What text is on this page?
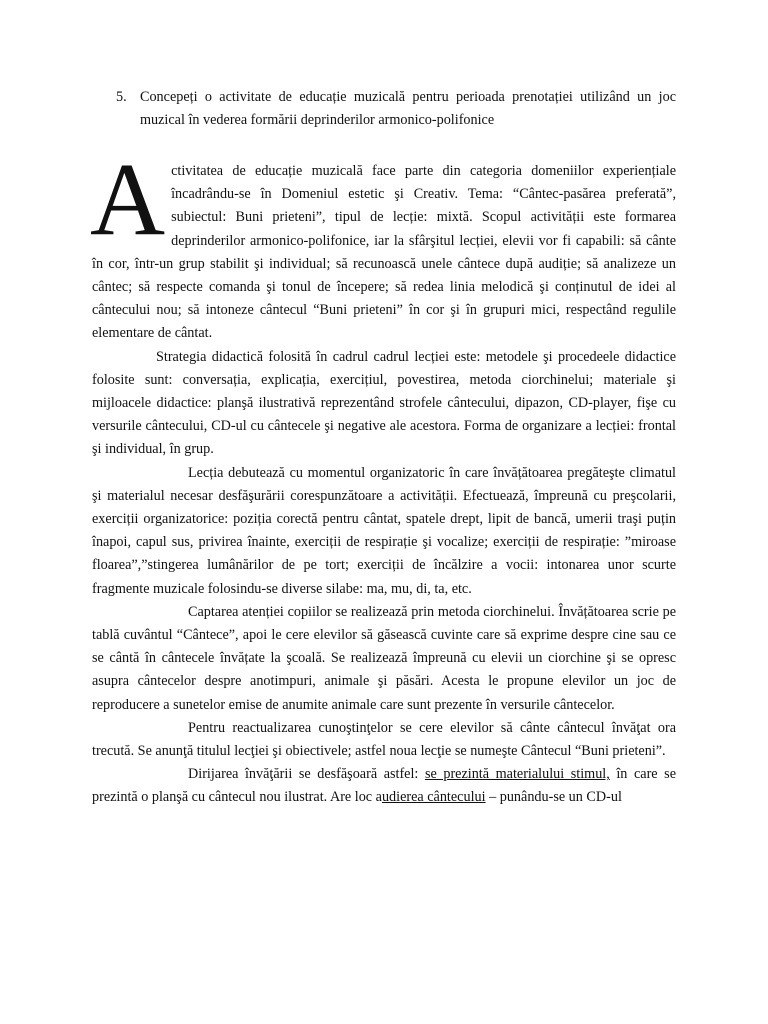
5. Concepeți o activitate de educație muzicală pentru perioada prenotației utilizând un joc muzical în vederea formării deprinderilor armonico-polifonice

Activitatea de educație muzicală face parte din categoria domeniilor experiențiale încadrându-se în Domeniul estetic şi Creativ. Tema: “Cântec-pasărea preferată”, subiectul: Buni prieteni”, tipul de lecție: mixtă. Scopul activității este formarea deprinderilor armonico-polifonice, iar la sfârşitul lecției, elevii vor fi capabili: să cânte în cor, într-un grup stabilit şi individual; să recunoască unele cântece după audiție; să analizeze un cântec; să respecte comanda şi tonul de începere; să redea linia melodică şi conținutul de idei al cântecului nou; să intoneze cântecul “Buni prieteni” în cor şi în grupuri mici, respectând regulile elementare de cântat.

Strategia didactică folosită în cadrul cadrul lecției este: metodele şi procedeele didactice folosite sunt: conversația, explicația, exercițiul, povestirea, metoda ciorchinelui; materiale şi mijloacele didactice: planşă ilustrativă reprezentând strofele cântecului, dipazon, CD-player, fişe cu versurile cântecului, CD-ul cu cântecele şi negative ale acestora. Forma de organizare a lecției: frontal şi individual, în grup.

Lecția debutează cu momentul organizatoric în care învățătoarea pregăteşte climatul şi materialul necesar desfăşurării corespunzătoare a activității. Efectuează, împreună cu preşcolarii, exerciții organizatorice: poziția corectă pentru cântat, spatele drept, lipit de bancă, umerii traşi puțin înapoi, capul sus, privirea înainte, exerciții de respirație şi vocalize; exerciții de respirație: ”miroase floarea”,”stingerea lumânărilor de pe tort; exerciții de încălzire a vocii: intonarea unor scurte fragmente muzicale folosindu-se diverse silabe: ma, mu, di, ta, etc.

Captarea atenției copiilor se realizează prin metoda ciorchinelui. Învățătoarea scrie pe tablă cuvântul “Cântece”, apoi le cere elevilor să găsească cuvinte care să exprime despre cine sau ce se cântă în cântecele învățate la şcoală. Se realizează împreună cu elevii un ciorchine şi se opresc asupra cântecelor despre anotimpuri, animale şi păsări. Acesta le propune elevilor un joc de reproducere a sunetelor emise de anumite animale care sunt prezente în versurile cântecelor.

Pentru reactualizarea cunoştinţelor se cere elevilor să cânte cântecul învăţat ora trecută. Se anunţă titulul lecţiei şi obiectivele; astfel noua lecţie se numeşte Cântecul “Buni prieteni”.

Dirijarea învăţării se desfăşoară astfel: se prezintă materialului stimul, în care se prezintă o planşă cu cântecul nou ilustrat. Are loc audierea cântecului – punându-se un CD-ul
